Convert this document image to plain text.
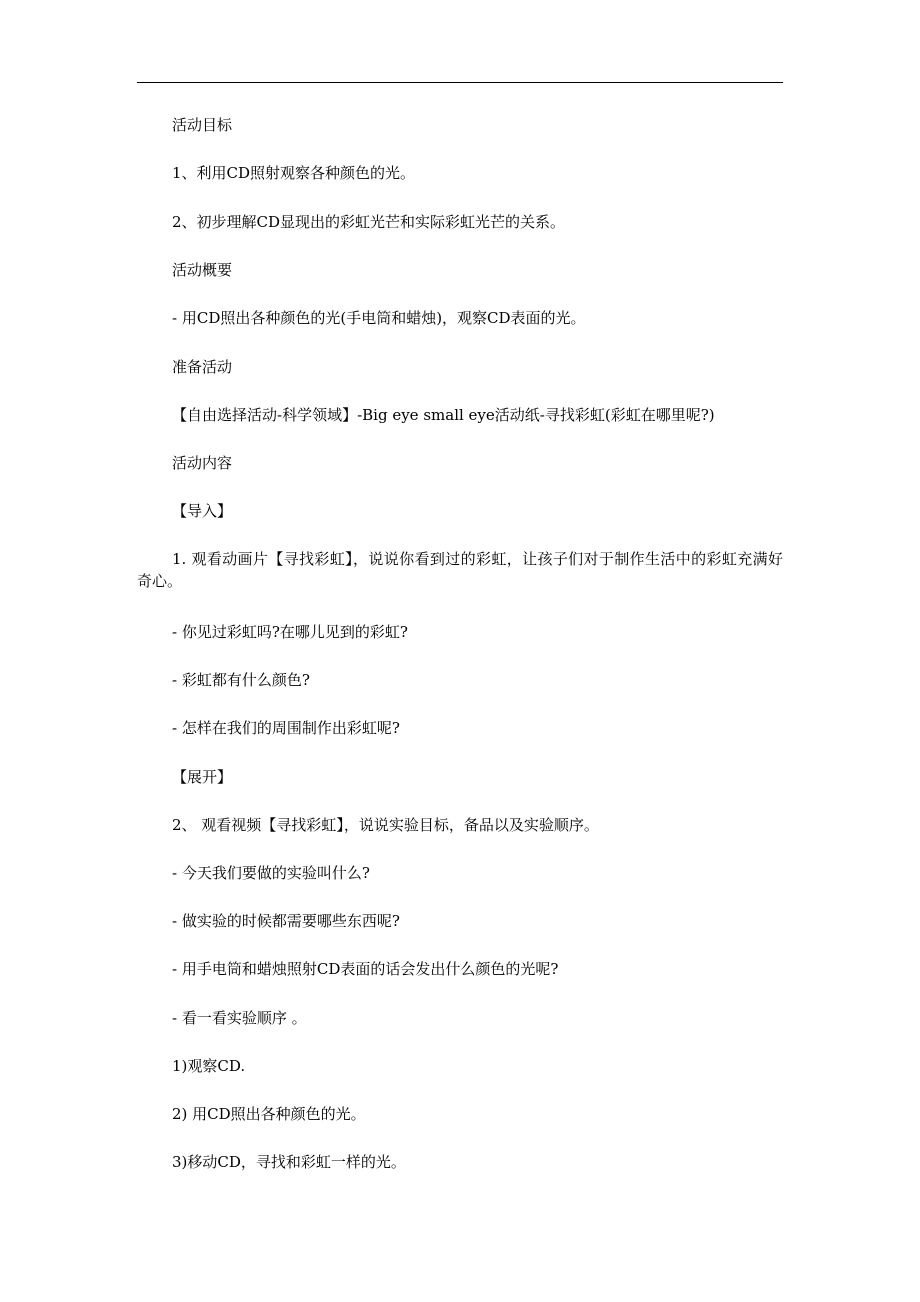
活动目标

1、利用CD照射观察各种颜色的光。

2、初步理解CD显现出的彩虹光芒和实际彩虹光芒的关系。

活动概要

- 用CD照出各种颜色的光(手电筒和蜡烛)，观察CD表面的光。

准备活动

【自由选择活动-科学领域】-Big eye small eye活动纸-寻找彩虹(彩虹在哪里呢?)

活动内容

【导入】

1. 观看动画片【寻找彩虹】，说说你看到过的彩虹，让孩子们对于制作生活中的彩虹充满好奇心。

- 你见过彩虹吗?在哪儿见到的彩虹?

- 彩虹都有什么颜色?

- 怎样在我们的周围制作出彩虹呢?

【展开】

2、 观看视频【寻找彩虹】，说说实验目标，备品以及实验顺序。

- 今天我们要做的实验叫什么?

- 做实验的时候都需要哪些东西呢?

- 用手电筒和蜡烛照射CD表面的话会发出什么颜色的光呢?

- 看一看实验顺序 。

1)观察CD.

2) 用CD照出各种颜色的光。

3)移动CD，寻找和彩虹一样的光。
